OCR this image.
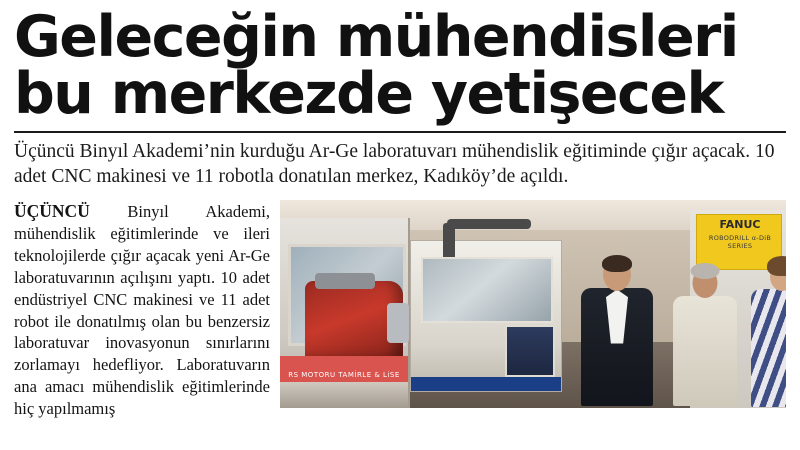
Geleceğin mühendisleri
bu merkezde yetişecek

Üçüncü Binyıl Akademi’nin kurduğu Ar-Ge laboratuvarı mühendislik eğitiminde çığır açacak. 10 adet CNC makinesi ve 11 robotla donatılan merkez, Kadıköy’de açıldı.

ÜÇÜNCÜ Binyıl Akademi, mühendislik eğitimlerinde ve ileri teknolojilerde çığır açacak yeni Ar-Ge laboratuvarının açılışını yaptı. 10 adet endüstriyel CNC makinesi ve 11 adet robot ile donatılmış olan bu benzersiz laboratuvar inovasyonun sınırlarını zorlamayı hedefliyor. Laboratuvarın ana amacı mühendislik eğitimlerinde hiç yapılmamış
RS MOTORU TAMİRLE & LiSE
FANUC
ROBODRILL α-DiB SERIES
